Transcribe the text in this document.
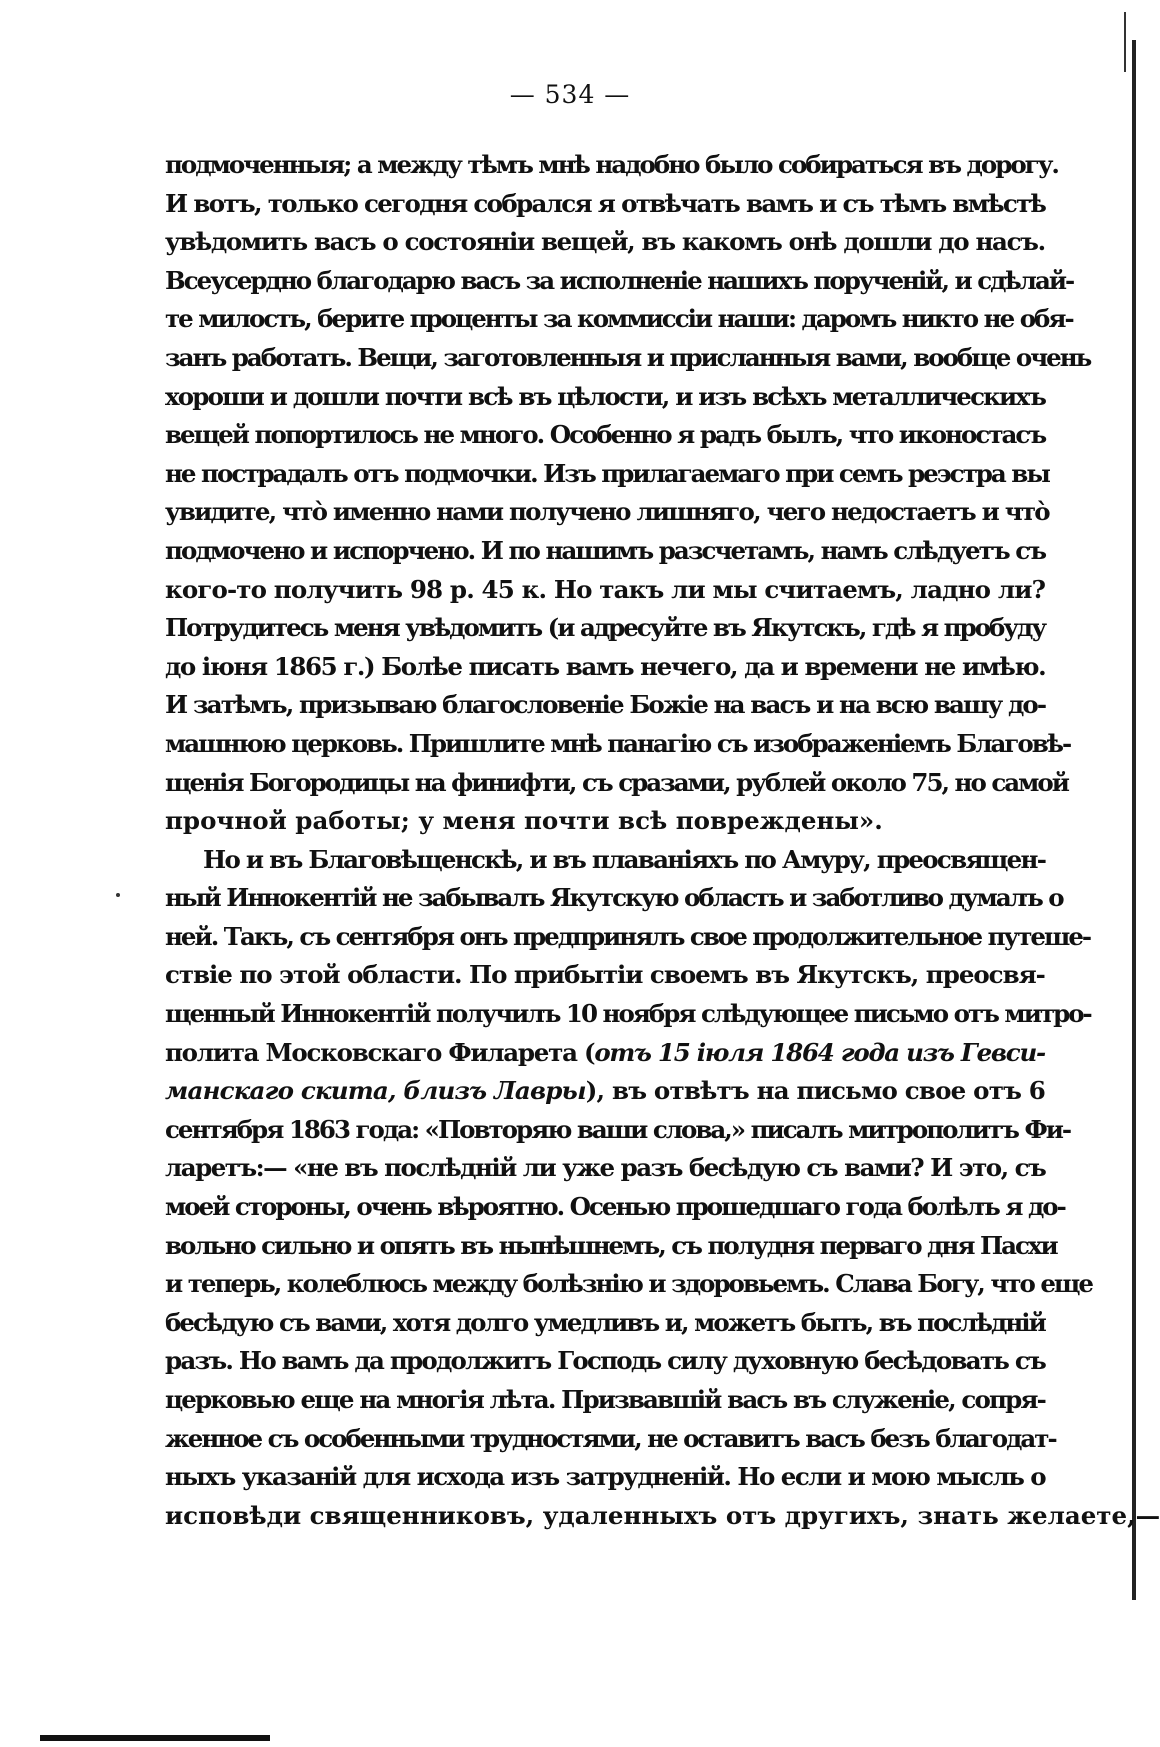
— 534 —
подмоченныя; а между тѣмъ мнѣ надобно было собираться въ дорогу.
И вотъ, только сегодня собрался я отвѣчать вамъ и съ тѣмъ вмѣстѣ
увѣдомить васъ о состояніи вещей, въ какомъ онѣ дошли до насъ.
Всеусердно благодарю васъ за исполненіе нашихъ порученій, и сдѣлай-
те милость, берите проценты за коммиссіи наши: даромъ никто не обя-
занъ работать. Вещи, заготовленныя и присланныя вами, вообще очень
хороши и дошли почти всѣ въ цѣлости, и изъ всѣхъ металлическихъ
вещей попортилось не много. Особенно я радъ былъ, что иконостасъ
не пострадалъ отъ подмочки. Изъ прилагаемаго при семъ реэстра вы
увидите, что̀ именно нами получено лишняго, чего недостаетъ и что̀
подмочено и испорчено. И по нашимъ разсчетамъ, намъ слѣдуетъ съ
кого-то получить 98 р. 45 к. Но такъ ли мы считаемъ, ладно ли?
Потрудитесь меня увѣдомить (и адресуйте въ Якутскъ, гдѣ я пробуду
до іюня 1865 г.) Болѣе писать вамъ нечего, да и времени не имѣю.
И затѣмъ, призываю благословеніе Божіе на васъ и на всю вашу до-
машнюю церковь. Пришлите мнѣ панагію съ изображеніемъ Благовѣ-
щенія Богородицы на финифти, съ сразами, рублей около 75, но самой
прочной работы; у меня почти всѣ повреждены».
Но и въ Благовѣщенскѣ, и въ плаваніяхъ по Амуру, преосвящен-
ный Иннокентій не забывалъ Якутскую область и заботливо думалъ о
ней. Такъ, съ сентября онъ предпринялъ свое продолжительное путеше-
ствіе по этой области. По прибытіи своемъ въ Якутскъ, преосвя-
щенный Иннокентій получилъ 10 ноября слѣдующее письмо отъ митро-
полита Московскаго Филарета (отъ 15 іюля 1864 года изъ Гевси-
манскаго скита, близъ Лавры), въ отвѣтъ на письмо свое отъ 6
сентября 1863 года: «Повторяю ваши слова,» писалъ митрополитъ Фи-
ларетъ:— «не въ послѣдній ли уже разъ бесѣдую съ вами? И это, съ
моей стороны, очень вѣроятно. Осенью прошедшаго года болѣлъ я до-
вольно сильно и опять въ нынѣшнемъ, съ полудня перваго дня Пасхи
и теперь, колеблюсь между болѣзнію и здоровьемъ. Слава Богу, что еще
бесѣдую съ вами, хотя долго умедливъ и, можетъ быть, въ послѣдній
разъ. Но вамъ да продолжитъ Господь силу духовную бесѣдовать съ
церковью еще на многія лѣта. Призвавшій васъ въ служеніе, сопря-
женное съ особенными трудностями, не оставитъ васъ безъ благодат-
ныхъ указаній для исхода изъ затрудненій. Но если и мою мысль о
исповѣди священниковъ, удаленныхъ отъ другихъ, знать желаете,—
